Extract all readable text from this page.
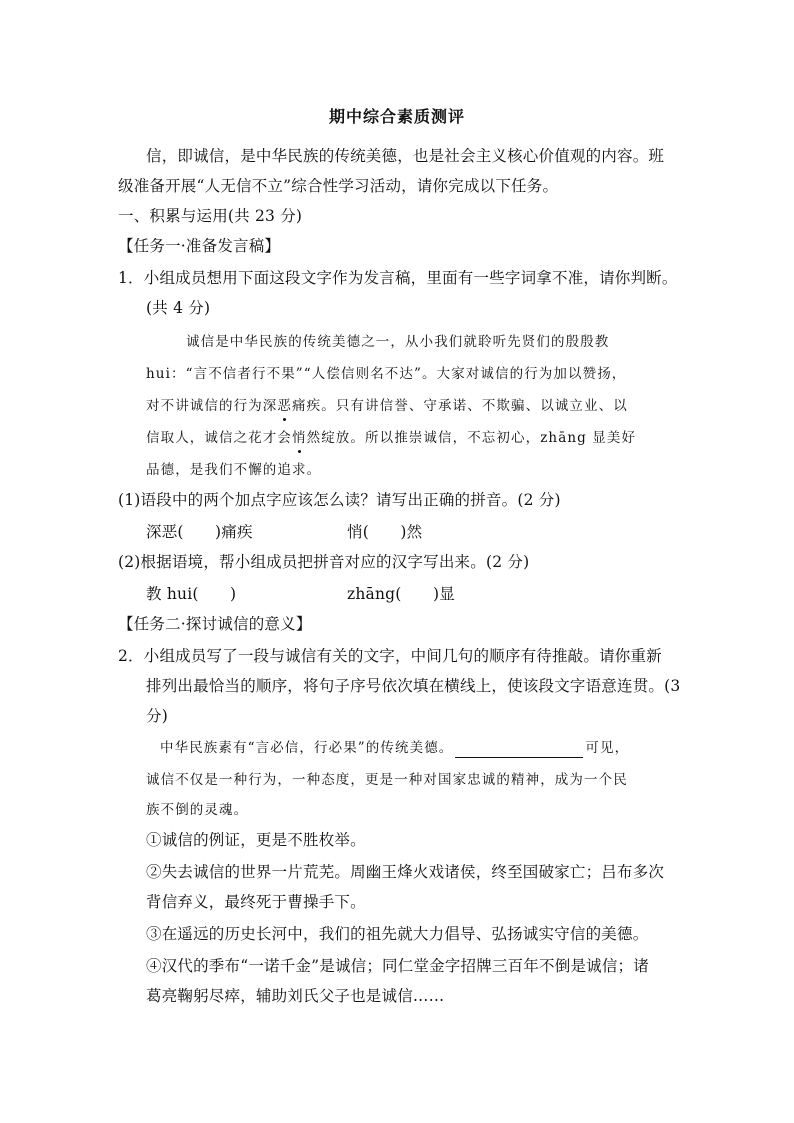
期中综合素质测评
信，即诚信，是中华民族的传统美德，也是社会主义核心价值观的内容。班
级准备开展“人无信不立”综合性学习活动，请你完成以下任务。
一、积累与运用(共 23 分)
【任务一·准备发言稿】
1．小组成员想用下面这段文字作为发言稿，里面有一些字词拿不准，请你判断。
(共 4 分)
诚信是中华民族的传统美德之一，从小我们就聆听先贤们的殷殷教
hui：“言不信者行不果”“人偿信则名不达”。大家对诚信的行为加以赞扬，
对不讲诚信的行为深恶痛疾。只有讲信誉、守承诺、不欺骗、以诚立业、以
信取人，诚信之花才会悄然绽放。所以推崇诚信，不忘初心，zhāng 显美好
品德，是我们不懈的追求。
(1)语段中的两个加点字应该怎么读？请写出正确的拼音。(2 分)
深恶(　　)痛疾	悄(　　)然
(2)根据语境，帮小组成员把拼音对应的汉字写出来。(2 分)
教 hui(　　)	zhāng(　　)显
【任务二·探讨诚信的意义】
2．小组成员写了一段与诚信有关的文字，中间几句的顺序有待推敲。请你重新
排列出最恰当的顺序，将句子序号依次填在横线上，使该段文字语意连贯。(3
分)
中华民族素有“言必信，行必果”的传统美德。	可见，
诚信不仅是一种行为，一种态度，更是一种对国家忠诚的精神，成为一个民
族不倒的灵魂。
①诚信的例证，更是不胜枚举。
②失去诚信的世界一片荒芜。周幽王烽火戏诸侯，终至国破家亡；吕布多次
背信弃义，最终死于曹操手下。
③在遥远的历史长河中，我们的祖先就大力倡导、弘扬诚实守信的美德。
④汉代的季布“一诺千金”是诚信；同仁堂金字招牌三百年不倒是诚信；诸
葛亮鞠躬尽瘁，辅助刘氏父子也是诚信……
